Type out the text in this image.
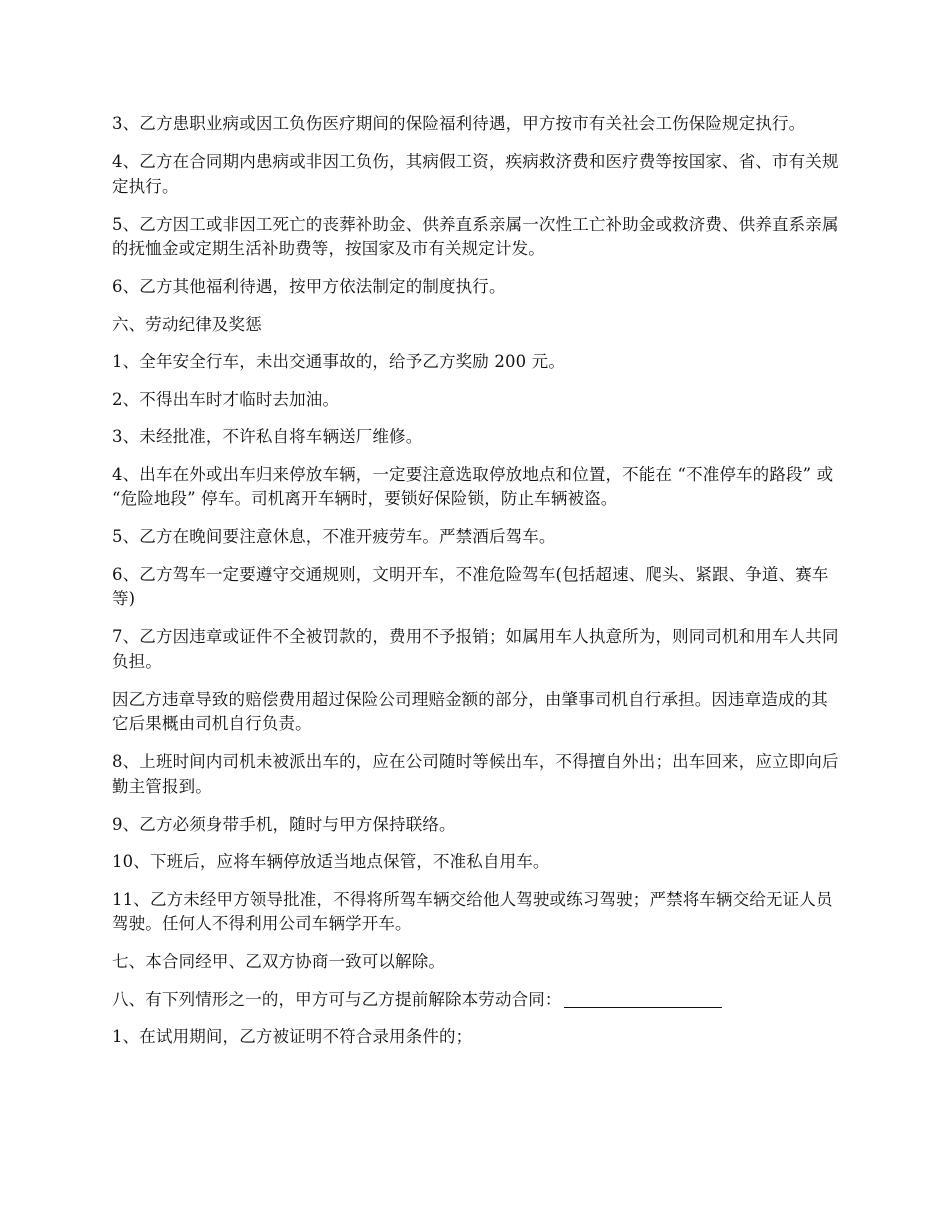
3、乙方患职业病或因工负伤医疗期间的保险福利待遇，甲方按市有关社会工伤保险规定执行。

4、乙方在合同期内患病或非因工负伤，其病假工资，疾病救济费和医疗费等按国家、省、市有关规定执行。

5、乙方因工或非因工死亡的丧葬补助金、供养直系亲属一次性工亡补助金或救济费、供养直系亲属的抚恤金或定期生活补助费等，按国家及市有关规定计发。

6、乙方其他福利待遇，按甲方依法制定的制度执行。

六、劳动纪律及奖惩

1、全年安全行车，未出交通事故的，给予乙方奖励 200 元。

2、不得出车时才临时去加油。

3、未经批准，不许私自将车辆送厂维修。

4、出车在外或出车归来停放车辆，一定要注意选取停放地点和位置，不能在 “不准停车的路段” 或 “危险地段” 停车。司机离开车辆时，要锁好保险锁，防止车辆被盗。

5、乙方在晚间要注意休息，不准开疲劳车。严禁酒后驾车。

6、乙方驾车一定要遵守交通规则，文明开车，不准危险驾车(包括超速、爬头、紧跟、争道、赛车等)

7、乙方因违章或证件不全被罚款的，费用不予报销；如属用车人执意所为，则同司机和用车人共同负担。

因乙方违章导致的赔偿费用超过保险公司理赔金额的部分，由肇事司机自行承担。因违章造成的其它后果概由司机自行负责。

8、上班时间内司机未被派出车的，应在公司随时等候出车，不得擅自外出；出车回来，应立即向后勤主管报到。

9、乙方必须身带手机，随时与甲方保持联络。

10、下班后，应将车辆停放适当地点保管，不准私自用车。

11、乙方未经甲方领导批准，不得将所驾车辆交给他人驾驶或练习驾驶；严禁将车辆交给无证人员驾驶。任何人不得利用公司车辆学开车。

七、本合同经甲、乙双方协商一致可以解除。

八、有下列情形之一的，甲方可与乙方提前解除本劳动合同：

1、在试用期间，乙方被证明不符合录用条件的；
